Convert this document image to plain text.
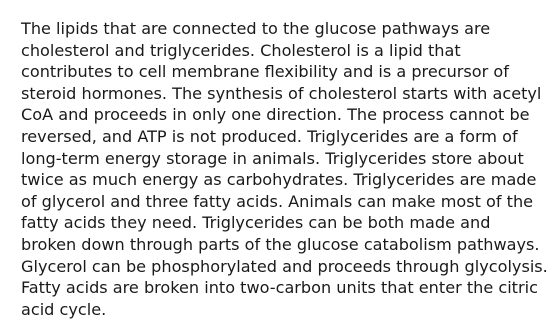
The lipids that are connected to the glucose pathways are
cholesterol and triglycerides. Cholesterol is a lipid that
contributes to cell membrane flexibility and is a precursor of
steroid hormones. The synthesis of cholesterol starts with acetyl
CoA and proceeds in only one direction. The process cannot be
reversed, and ATP is not produced. Triglycerides are a form of
long-term energy storage in animals. Triglycerides store about
twice as much energy as carbohydrates. Triglycerides are made
of glycerol and three fatty acids. Animals can make most of the
fatty acids they need. Triglycerides can be both made and
broken down through parts of the glucose catabolism pathways.
Glycerol can be phosphorylated and proceeds through glycolysis.
Fatty acids are broken into two-carbon units that enter the citric
acid cycle.
